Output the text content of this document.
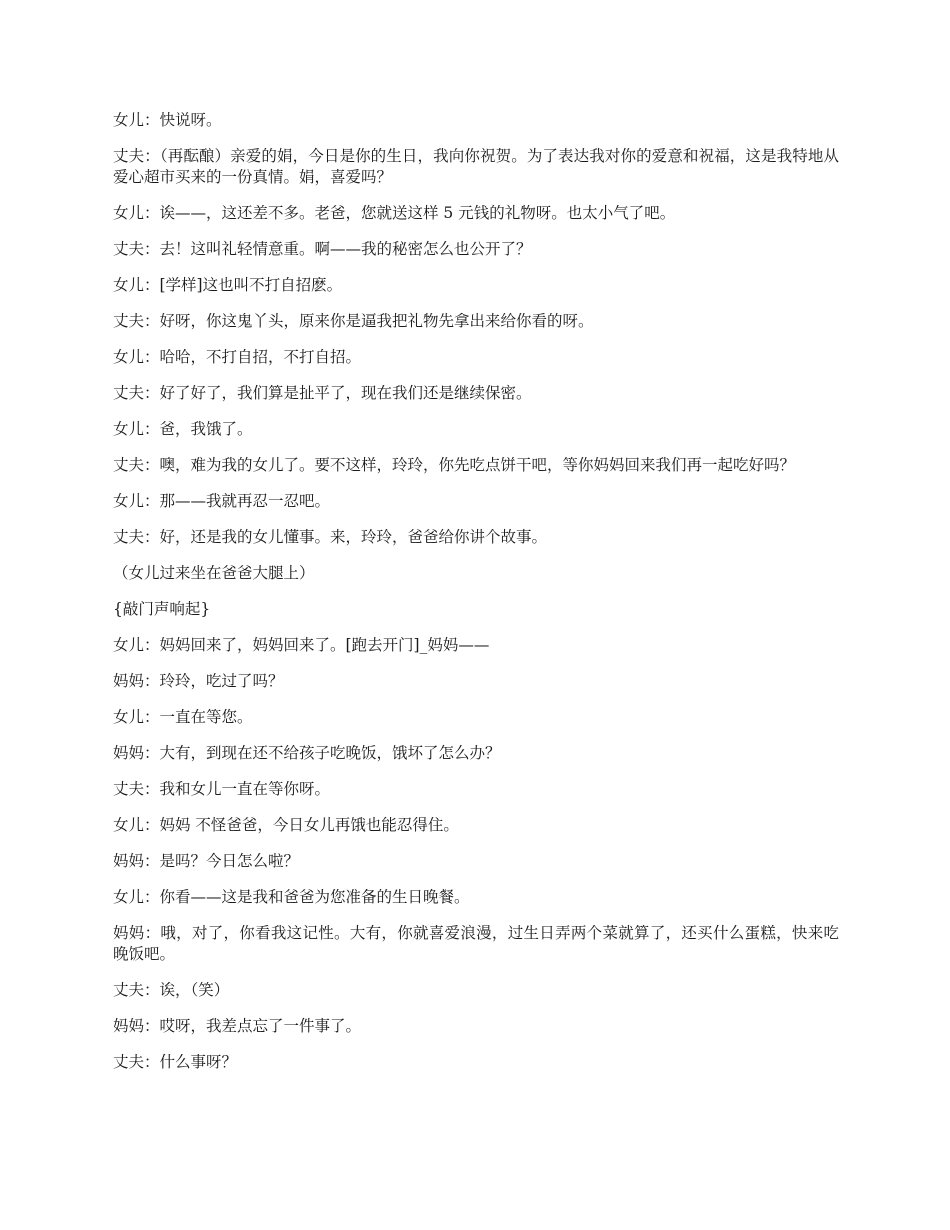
女儿：快说呀。

丈夫：（再酝酿）亲爱的娟，今日是你的生日，我向你祝贺。为了表达我对你的爱意和祝福，这是我特地从爱心超市买来的一份真情。娟，喜爱吗？

女儿：诶——，这还差不多。老爸，您就送这样 5 元钱的礼物呀。也太小气了吧。

丈夫：去！这叫礼轻情意重。啊——我的秘密怎么也公开了？

女儿：[学样]这也叫不打自招麽。

丈夫：好呀，你这鬼丫头，原来你是逼我把礼物先拿出来给你看的呀。

女儿：哈哈，不打自招，不打自招。

丈夫：好了好了，我们算是扯平了，现在我们还是继续保密。

女儿：爸，我饿了。

丈夫：噢，难为我的女儿了。要不这样，玲玲，你先吃点饼干吧，等你妈妈回来我们再一起吃好吗？

女儿：那——我就再忍一忍吧。

丈夫：好，还是我的女儿懂事。来，玲玲，爸爸给你讲个故事。

（女儿过来坐在爸爸大腿上）

{敲门声响起}

女儿：妈妈回来了，妈妈回来了。[跑去开门]_妈妈——

妈妈：玲玲，吃过了吗？

女儿：一直在等您。

妈妈：大有，到现在还不给孩子吃晚饭，饿坏了怎么办？

丈夫：我和女儿一直在等你呀。

女儿：妈妈 不怪爸爸，今日女儿再饿也能忍得住。

妈妈：是吗？今日怎么啦？

女儿：你看——这是我和爸爸为您准备的生日晚餐。

妈妈：哦，对了，你看我这记性。大有，你就喜爱浪漫，过生日弄两个菜就算了，还买什么蛋糕，快来吃晚饭吧。

丈夫：诶，（笑）

妈妈：哎呀，我差点忘了一件事了。

丈夫：什么事呀？
